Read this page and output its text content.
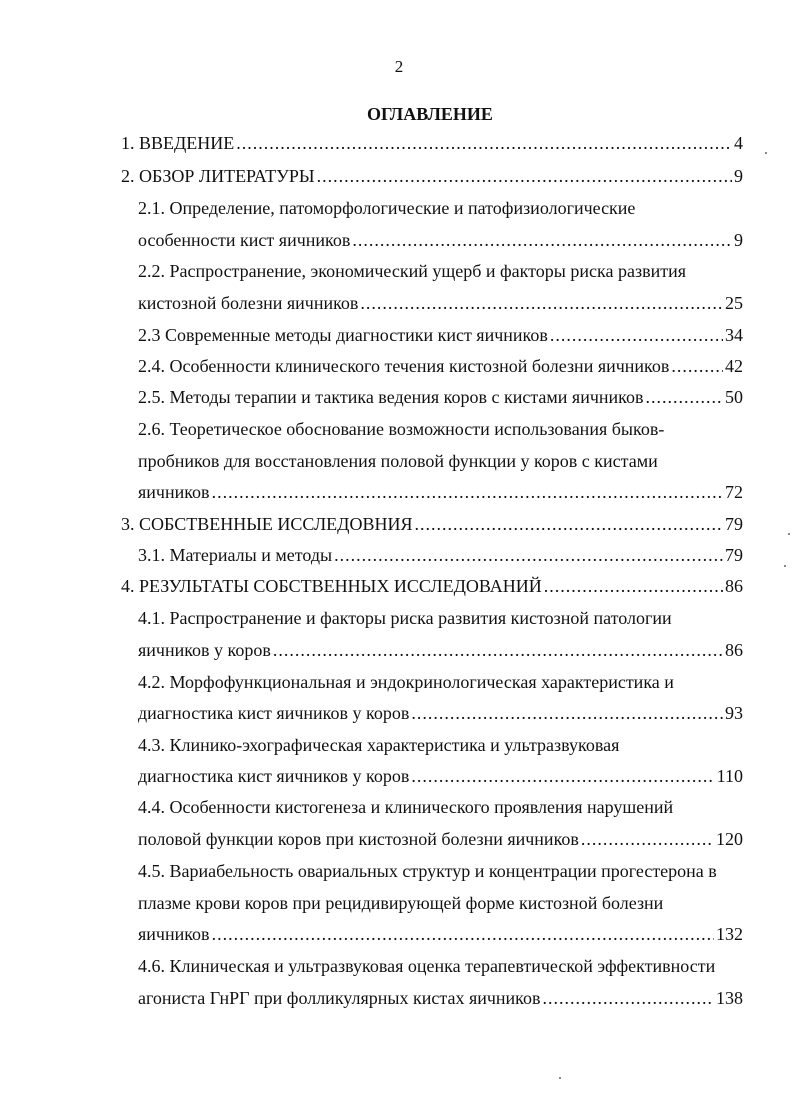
2
ОГЛАВЛЕНИЕ
1. ВВЕДЕНИЕ .....	4
2. ОБЗОР ЛИТЕРАТУРЫ .....	9
2.1. Определение, патоморфологические и патофизиологические
особенности кист яичников .....	9
2.2. Распространение, экономический ущерб и факторы риска развития
кистозной болезни яичников .....	25
2.3 Современные методы диагностики кист яичников .....	34
2.4. Особенности клинического течения кистозной болезни яичников .....	42
2.5. Методы терапии и тактика ведения коров с кистами яичников .....	50
2.6. Теоретическое обоснование возможности использования быков-
пробников для восстановления половой функции у коров с кистами
яичников .....	72
3. СОБСТВЕННЫЕ ИССЛЕДОВНИЯ .....	79
3.1. Материалы и методы .....	79
4. РЕЗУЛЬТАТЫ СОБСТВЕННЫХ ИССЛЕДОВАНИЙ .....	86
4.1. Распространение и факторы риска развития кистозной патологии
яичников у коров .....	86
4.2. Морфофункциональная и эндокринологическая характеристика и
диагностика кист яичников у коров .....	93
4.3. Клинико-эхографическая характеристика и ультразвуковая
диагностика кист яичников у коров .....	110
4.4. Особенности кистогенеза и клинического проявления нарушений
половой функции коров при кистозной болезни яичников .....	120
4.5. Вариабельность овариальных структур и концентрации прогестерона в
плазме крови коров при рецидивирующей форме кистозной болезни
яичников .....	132
4.6. Клиническая и ультразвуковая оценка терапевтической эффективности
агониста ГнРГ при фолликулярных кистах яичников .....	138
